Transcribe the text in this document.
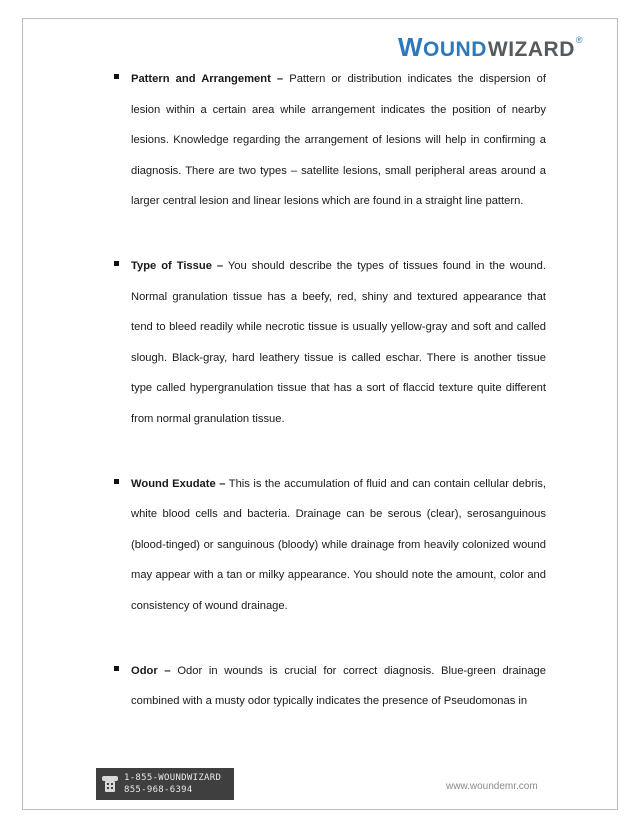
W OUND WIZARD ®
Pattern and Arrangement – Pattern or distribution indicates the dispersion of lesion within a certain area while arrangement indicates the position of nearby lesions. Knowledge regarding the arrangement of lesions will help in confirming a diagnosis. There are two types – satellite lesions, small peripheral areas around a larger central lesion and linear lesions which are found in a straight line pattern.
Type of Tissue – You should describe the types of tissues found in the wound. Normal granulation tissue has a beefy, red, shiny and textured appearance that tend to bleed readily while necrotic tissue is usually yellow-gray and soft and called slough. Black-gray, hard leathery tissue is called eschar. There is another tissue type called hypergranulation tissue that has a sort of flaccid texture quite different from normal granulation tissue.
Wound Exudate – This is the accumulation of fluid and can contain cellular debris, white blood cells and bacteria. Drainage can be serous (clear), serosanguinous (blood-tinged) or sanguinous (bloody) while drainage from heavily colonized wound may appear with a tan or milky appearance. You should note the amount, color and consistency of wound drainage.
Odor – Odor in wounds is crucial for correct diagnosis. Blue-green drainage combined with a musty odor typically indicates the presence of Pseudomonas in
1-855-WOUNDWIZARD
855-968-6394	www.woundemr.com
